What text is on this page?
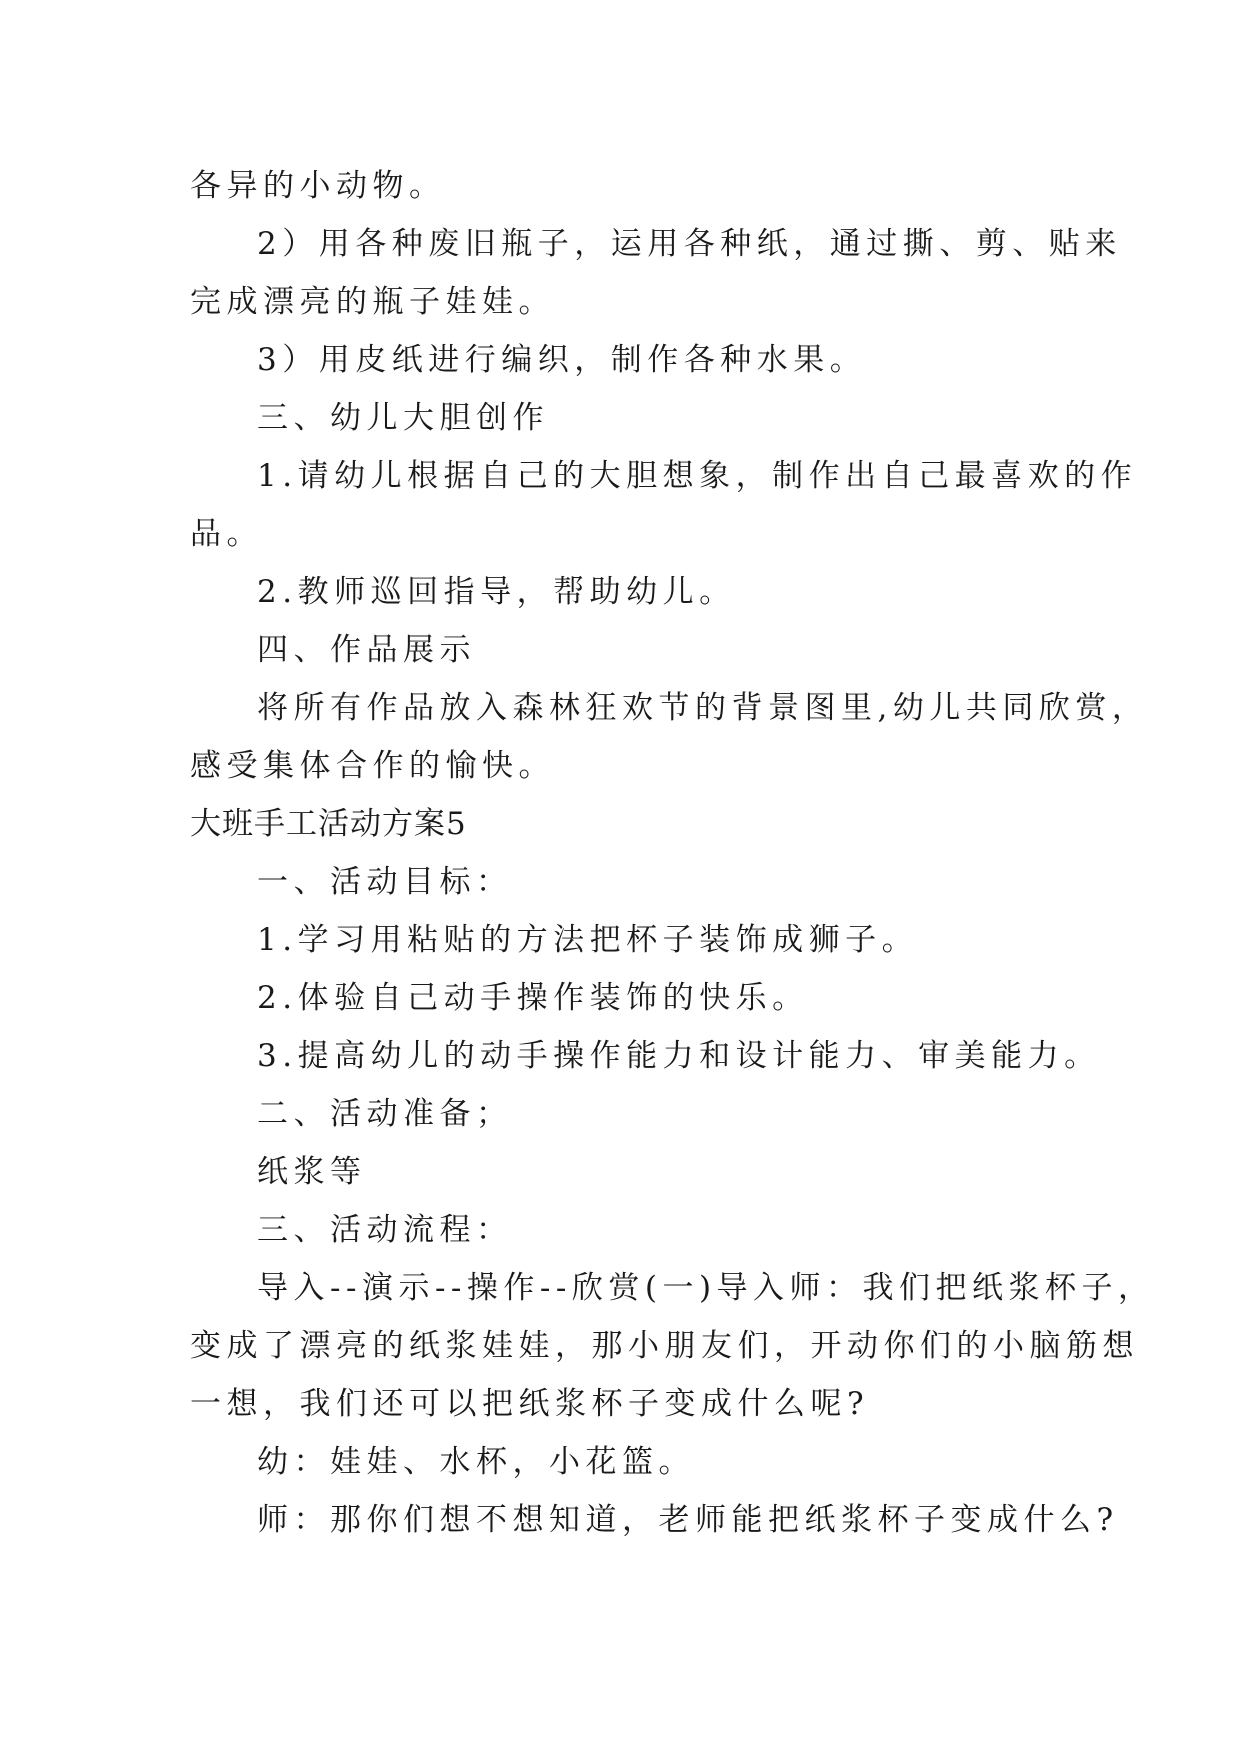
各异的小动物。
2）用各种废旧瓶子，运用各种纸，通过撕、剪、贴来
完成漂亮的瓶子娃娃。
3）用皮纸进行编织，制作各种水果。
三、幼儿大胆创作
1.请幼儿根据自己的大胆想象，制作出自己最喜欢的作
品。
2.教师巡回指导，帮助幼儿。
四、作品展示
将所有作品放入森林狂欢节的背景图里,幼儿共同欣赏，
感受集体合作的愉快。
大班手工活动方案5
一、活动目标：
1.学习用粘贴的方法把杯子装饰成狮子。
2.体验自己动手操作装饰的快乐。
3.提高幼儿的动手操作能力和设计能力、审美能力。
二、活动准备；
纸浆等
三、活动流程：
导入--演示--操作--欣赏(一)导入师：我们把纸浆杯子，
变成了漂亮的纸浆娃娃，那小朋友们，开动你们的小脑筋想
一想，我们还可以把纸浆杯子变成什么呢?
幼：娃娃、水杯，小花篮。
师：那你们想不想知道，老师能把纸浆杯子变成什么?
